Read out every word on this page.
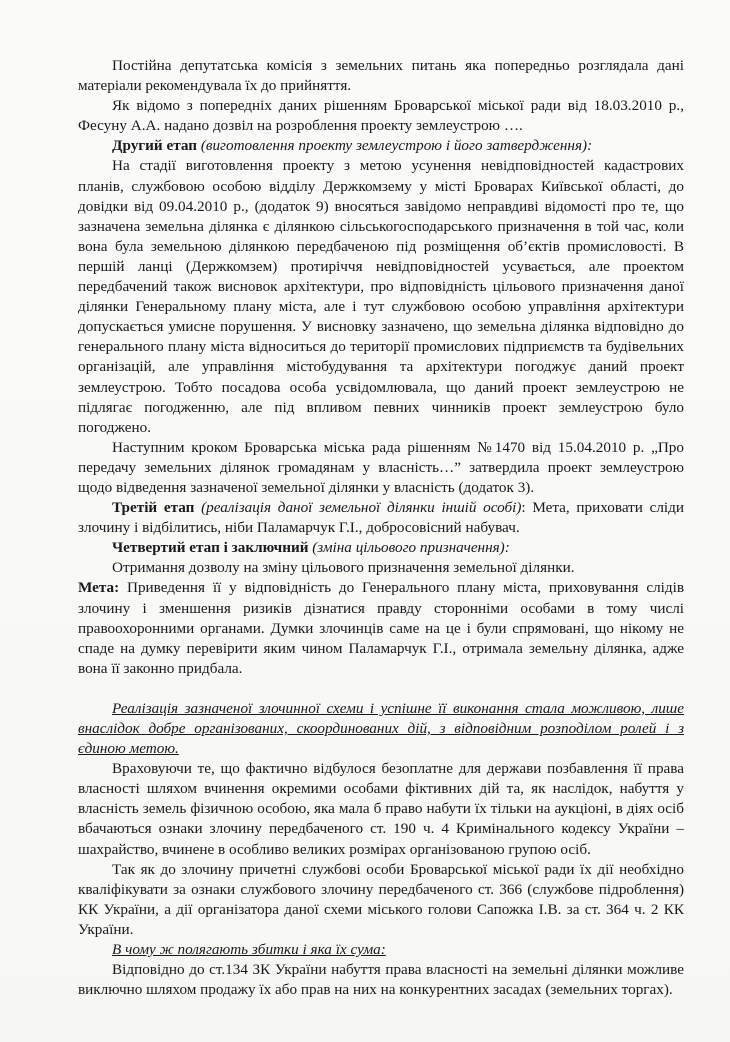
Постійна депутатська комісія з земельних питань яка попередньо розглядала дані матеріали рекомендувала їх до прийняття.

Як відомо з попередніх даних рішенням Броварської міської ради від 18.03.2010 р., Фесуну А.А. надано дозвіл на розроблення проекту землеустрою ….

Другий етап (виготовлення проекту землеустрою і його затвердження):

На стадії виготовлення проекту з метою усунення невідповідностей кадастрових планів, службовою особою відділу Держкомзему у місті Броварах Київської області, до довідки від 09.04.2010 р., (додаток 9) вносяться завідомо неправдиві відомості про те, що зазначена земельна ділянка є ділянкою сільськогосподарського призначення в той час, коли вона була земельною ділянкою передбаченою під розміщення об’єктів промисловості. В першій ланці (Держкомзем) протиріччя невідповідностей усувається, але проектом передбачений також висновок архітектури, про відповідність цільового призначення даної ділянки Генеральному плану міста, але і тут службовою особою управління архітектури допускається умисне порушення. У висновку зазначено, що земельна ділянка відповідно до генерального плану міста відноситься до території промислових підприємств та будівельних організацій, але управління містобудування та архітектури погоджує даний проект землеустрою. Тобто посадова особа усвідомлювала, що даний проект землеустрою не підлягає погодженню, але під впливом певних чинників проект землеустрою було погоджено.

Наступним кроком Броварська міська рада рішенням №1470 від 15.04.2010 р. „Про передачу земельних ділянок громадянам у власність…” затвердила проект землеустрою щодо відведення зазначеної земельної ділянки у власність (додаток 3).

Третій етап (реалізація даної земельної ділянки іншій особі): Мета, приховати сліди злочину і відбілитись, ніби Паламарчук Г.І., добросовісний набувач.

Четвертий етап і заключний (зміна цільового призначення):

Отримання дозволу на зміну цільового призначення земельної ділянки.

Мета: Приведення її у відповідність до Генерального плану міста, приховування слідів злочину і зменшення ризиків дізнатися правду сторонніми особами в тому числі правоохоронними органами. Думки злочинців саме на це і були спрямовані, що нікому не спаде на думку перевірити яким чином Паламарчук Г.І., отримала земельну ділянка, адже вона її законно придбала.

Реалізація зазначеної злочинної схеми і успішне її виконання стала можливою, лише внаслідок добре організованих, скоординованих дій, з відповідним розподілом ролей і з єдиною метою.

Враховуючи те, що фактично відбулося безоплатне для держави позбавлення її права власності шляхом вчинення окремими особами фіктивних дій та, як наслідок, набуття у власність земель фізичною особою, яка мала б право набути їх тільки на аукціоні, в діях осіб вбачаються ознаки злочину передбаченого ст. 190 ч. 4 Кримінального кодексу України – шахрайство, вчинене в особливо великих розмірах організованою групою осіб.

Так як до злочину причетні службові особи Броварської міської ради їх дії необхідно кваліфікувати за ознаки службового злочину передбаченого ст. 366 (службове підроблення) КК України, а дії організатора даної схеми міського голови Сапожка І.В. за ст. 364 ч. 2 КК України.

В чому ж полягають збитки і яка їх сума:

Відповідно до ст.134 ЗК України набуття права власності на земельні ділянки можливе виключно шляхом продажу їх або прав на них на конкурентних засадах (земельних торгах).
